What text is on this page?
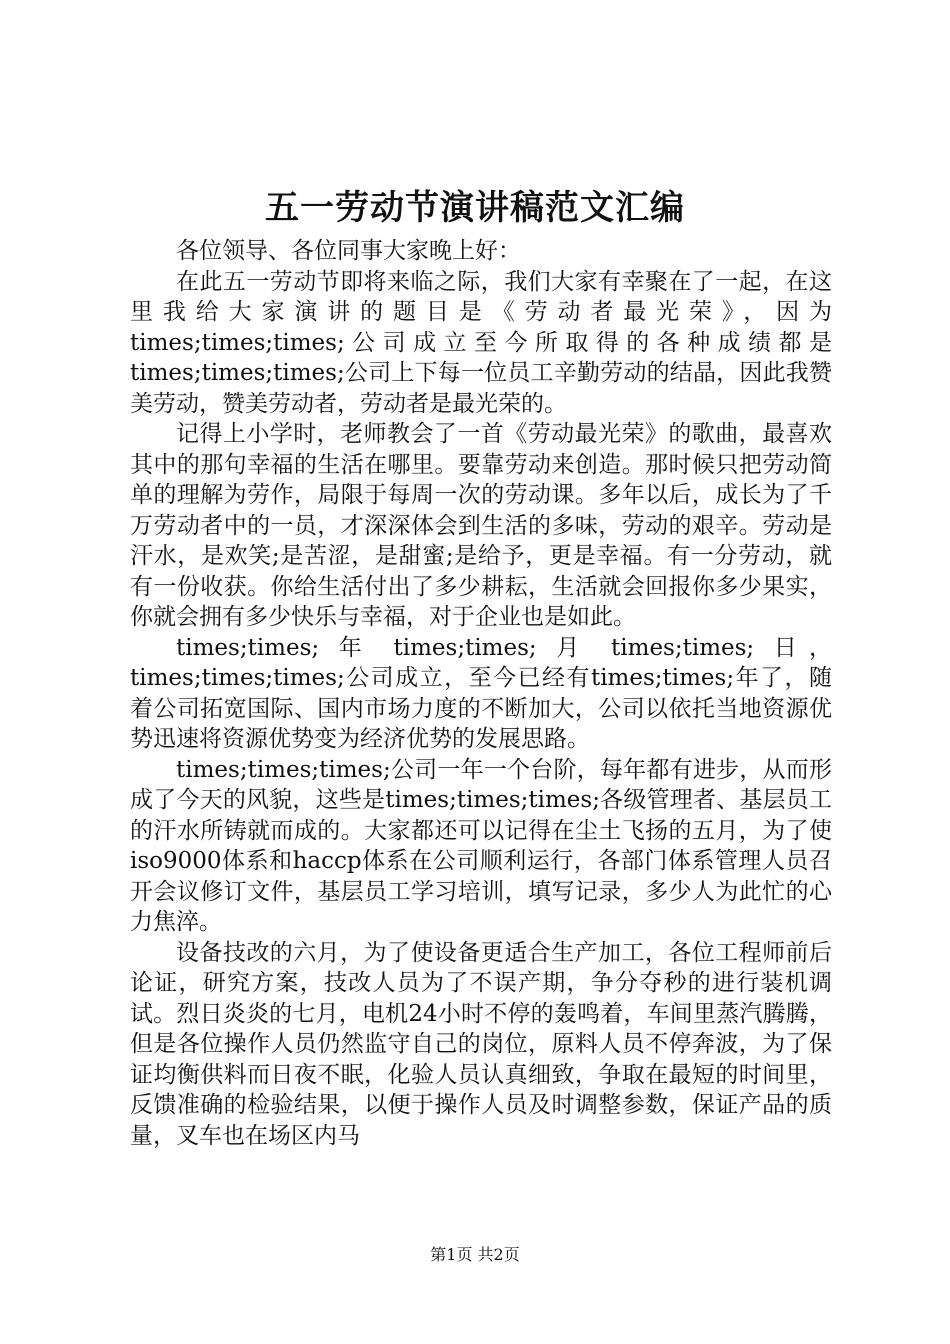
五一劳动节演讲稿范文汇编

各位领导、各位同事大家晚上好：

在此五一劳动节即将来临之际，我们大家有幸聚在了一起，在这里我给大家演讲的题目是《劳动者最光荣》，因为times;times;times;公司成立至今所取得的各种成绩都是times;times;times;公司上下每一位员工辛勤劳动的结晶，因此我赞美劳动，赞美劳动者，劳动者是最光荣的。

记得上小学时，老师教会了一首《劳动最光荣》的歌曲，最喜欢其中的那句幸福的生活在哪里。要靠劳动来创造。那时候只把劳动简单的理解为劳作，局限于每周一次的劳动课。多年以后，成长为了千万劳动者中的一员，才深深体会到生活的多味，劳动的艰辛。劳动是汗水，是欢笑;是苦涩，是甜蜜;是给予，更是幸福。有一分劳动，就有一份收获。你给生活付出了多少耕耘，生活就会回报你多少果实，你就会拥有多少快乐与幸福，对于企业也是如此。

times;times; 年 times;times; 月 times;times; 日，times;times;times;公司成立，至今已经有times;times;年了，随着公司拓宽国际、国内市场力度的不断加大，公司以依托当地资源优势迅速将资源优势变为经济优势的发展思路。

times;times;times;公司一年一个台阶，每年都有进步，从而形成了今天的风貌，这些是times;times;times;各级管理者、基层员工的汗水所铸就而成的。大家都还可以记得在尘土飞扬的五月，为了使iso9000体系和haccp体系在公司顺利运行，各部门体系管理人员召开会议修订文件，基层员工学习培训，填写记录，多少人为此忙的心力焦淬。

设备技改的六月，为了使设备更适合生产加工，各位工程师前后论证，研究方案，技改人员为了不误产期，争分夺秒的进行装机调试。烈日炎炎的七月，电机24小时不停的轰鸣着，车间里蒸汽腾腾，但是各位操作人员仍然监守自己的岗位，原料人员不停奔波，为了保证均衡供料而日夜不眠，化验人员认真细致，争取在最短的时间里，反馈准确的检验结果，以便于操作人员及时调整参数，保证产品的质量，叉车也在场区内马

第1页 共2页
